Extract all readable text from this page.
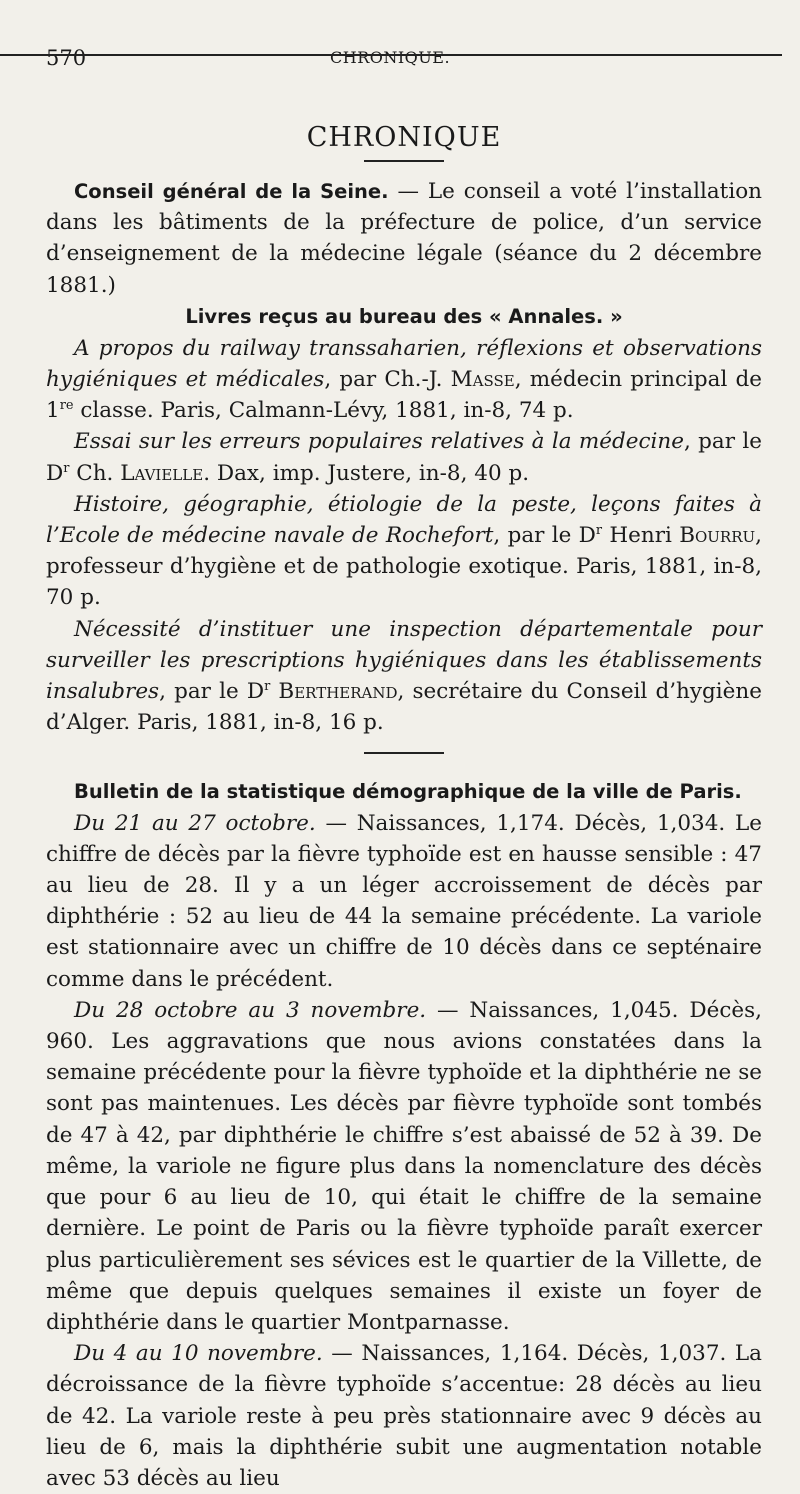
570	CHRONIQUE.
CHRONIQUE

Conseil général de la Seine. — Le conseil a voté l’installation dans les bâtiments de la préfecture de police, d’un service d’enseignement de la médecine légale (séance du 2 décembre 1881.)

Livres reçus au bureau des « Annales. »

A propos du railway transsaharien, réflexions et observations hygiéniques et médicales, par Ch.-J. Masse, médecin principal de 1re classe. Paris, Calmann-Lévy, 1881, in-8, 74 p.

Essai sur les erreurs populaires relatives à la médecine, par le $D^r$ Ch. Lavielle. Dax, imp. Justere, in-8, 40 p.

Histoire, géographie, étiologie de la peste, leçons faites à l’Ecole de médecine navale de Rochefort, par le $D^r$ Henri Bourru, professeur d’hygiène et de pathologie exotique. Paris, 1881, in-8, 70 p.

Nécessité d’instituer une inspection départementale pour surveiller les prescriptions hygiéniques dans les établissements insalubres, par le $D^r$ Bertherand, secrétaire du Conseil d’hygiène d’Alger. Paris, 1881, in-8, 16 p.

Bulletin de la statistique démographique de la ville de Paris.

Du 21 au 27 octobre. — Naissances, 1,174. Décès, 1,034. Le chiffre de décès par la fièvre typhoïde est en hausse sensible : 47 au lieu de 28. Il y a un léger accroissement de décès par diphthérie : 52 au lieu de 44 la semaine précédente. La variole est stationnaire avec un chiffre de 10 décès dans ce septénaire comme dans le précédent.

Du 28 octobre au 3 novembre. — Naissances, 1,045. Décès, 960. Les aggravations que nous avions constatées dans la semaine précédente pour la fièvre typhoïde et la diphthérie ne se sont pas maintenues. Les décès par fièvre typhoïde sont tombés de 47 à 42, par diphthérie le chiffre s’est abaissé de 52 à 39. De même, la variole ne figure plus dans la nomenclature des décès que pour 6 au lieu de 10, qui était le chiffre de la semaine dernière. Le point de Paris ou la fièvre typhoïde paraît exercer plus particulièrement ses sévices est le quartier de la Villette, de même que depuis quelques semaines il existe un foyer de diphthérie dans le quartier Montparnasse.

Du 4 au 10 novembre. — Naissances, 1,164. Décès, 1,037. La décroissance de la fièvre typhoïde s’accentue: 28 décès au lieu de 42. La variole reste à peu près stationnaire avec 9 décès au lieu de 6, mais la diphthérie subit une augmentation notable avec 53 décès au lieu
